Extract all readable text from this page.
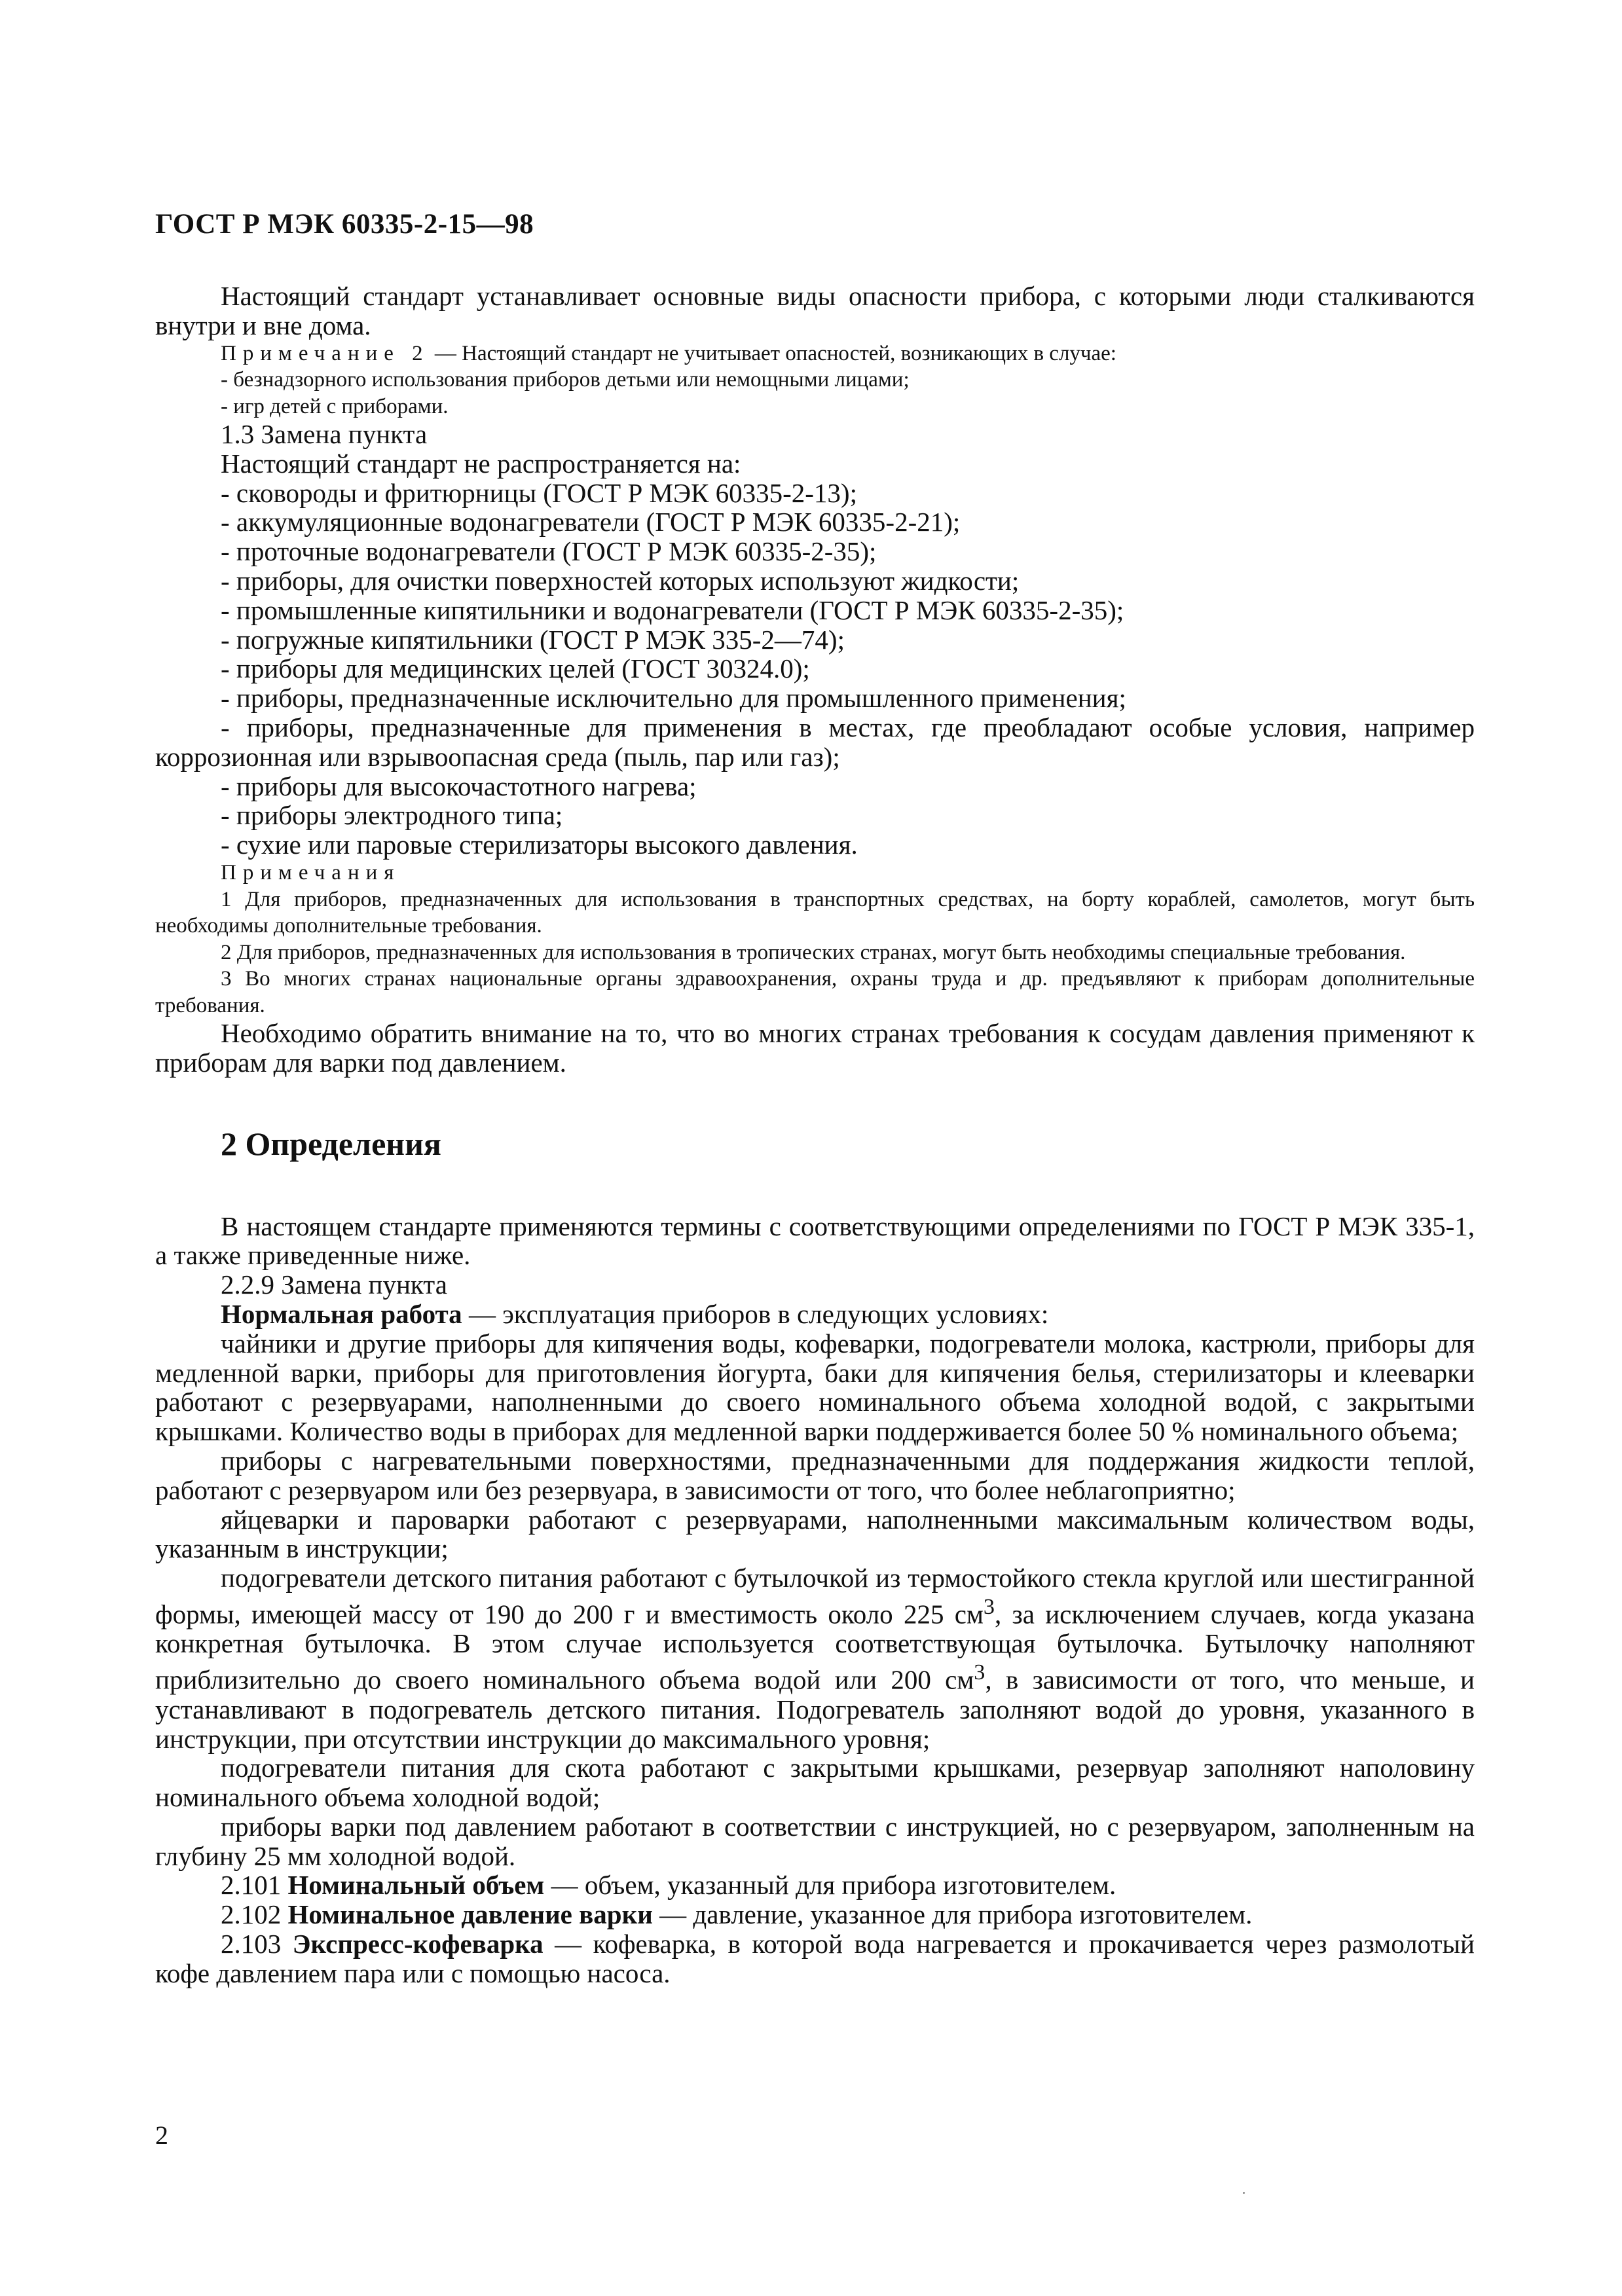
ГОСТ Р МЭК 60335-2-15—98

Настоящий стандарт устанавливает основные виды опасности прибора, с которыми люди сталкиваются внутри и вне дома.

Примечание 2 — Настоящий стандарт не учитывает опасностей, возникающих в случае:

- безнадзорного использования приборов детьми или немощными лицами;

- игр детей с приборами.

1.3 Замена пункта

Настоящий стандарт не распространяется на:

- сковороды и фритюрницы (ГОСТ Р МЭК 60335-2-13);

- аккумуляционные водонагреватели (ГОСТ Р МЭК 60335-2-21);

- проточные водонагреватели (ГОСТ Р МЭК 60335-2-35);

- приборы, для очистки поверхностей которых используют жидкости;

- промышленные кипятильники и водонагреватели (ГОСТ Р МЭК 60335-2-35);

- погружные кипятильники (ГОСТ Р МЭК 335-2—74);

- приборы для медицинских целей (ГОСТ 30324.0);

- приборы, предназначенные исключительно для промышленного применения;

- приборы, предназначенные для применения в местах, где преобладают особые условия, например коррозионная или взрывоопасная среда (пыль, пар или газ);

- приборы для высокочастотного нагрева;

- приборы электродного типа;

- сухие или паровые стерилизаторы высокого давления.

Примечания

1 Для приборов, предназначенных для использования в транспортных средствах, на борту кораблей, самолетов, могут быть необходимы дополнительные требования.

2 Для приборов, предназначенных для использования в тропических странах, могут быть необходимы специальные требования.

3 Во многих странах национальные органы здравоохранения, охраны труда и др. предъявляют к приборам дополнительные требования.

Необходимо обратить внимание на то, что во многих странах требования к сосудам давления применяют к приборам для варки под давлением.

2 Определения

В настоящем стандарте применяются термины с соответствующими определениями по ГОСТ Р МЭК 335-1, а также приведенные ниже.

2.2.9 Замена пункта

Нормальная работа — эксплуатация приборов в следующих условиях:

чайники и другие приборы для кипячения воды, кофеварки, подогреватели молока, кастрюли, приборы для медленной варки, приборы для приготовления йогурта, баки для кипячения белья, стерилизаторы и клееварки работают с резервуарами, наполненными до своего номинального объема холодной водой, с закрытыми крышками. Количество воды в приборах для медленной варки поддерживается более 50 % номинального объема;

приборы с нагревательными поверхностями, предназначенными для поддержания жидкости теплой, работают с резервуаром или без резервуара, в зависимости от того, что более неблагоприятно;

яйцеварки и пароварки работают с резервуарами, наполненными максимальным количеством воды, указанным в инструкции;

подогреватели детского питания работают с бутылочкой из термостойкого стекла круглой или шестигранной формы, имеющей массу от 190 до 200 г и вместимость около 225 $см^3$, за исключением случаев, когда указана конкретная бутылочка. В этом случае используется соответствующая бутылочка. Бутылочку наполняют приблизительно до своего номинального объема водой или 200 $см^3$, в зависимости от того, что меньше, и устанавливают в подогреватель детского питания. Подогреватель заполняют водой до уровня, указанного в инструкции, при отсутствии инструкции до максимального уровня;

подогреватели питания для скота работают с закрытыми крышками, резервуар заполняют наполовину номинального объема холодной водой;

приборы варки под давлением работают в соответствии с инструкцией, но с резервуаром, заполненным на глубину 25 мм холодной водой.

2.101 Номинальный объем — объем, указанный для прибора изготовителем.

2.102 Номинальное давление варки — давление, указанное для прибора изготовителем.

2.103 Экспресс-кофеварка — кофеварка, в которой вода нагревается и прокачивается через размолотый кофе давлением пара или с помощью насоса.

2
